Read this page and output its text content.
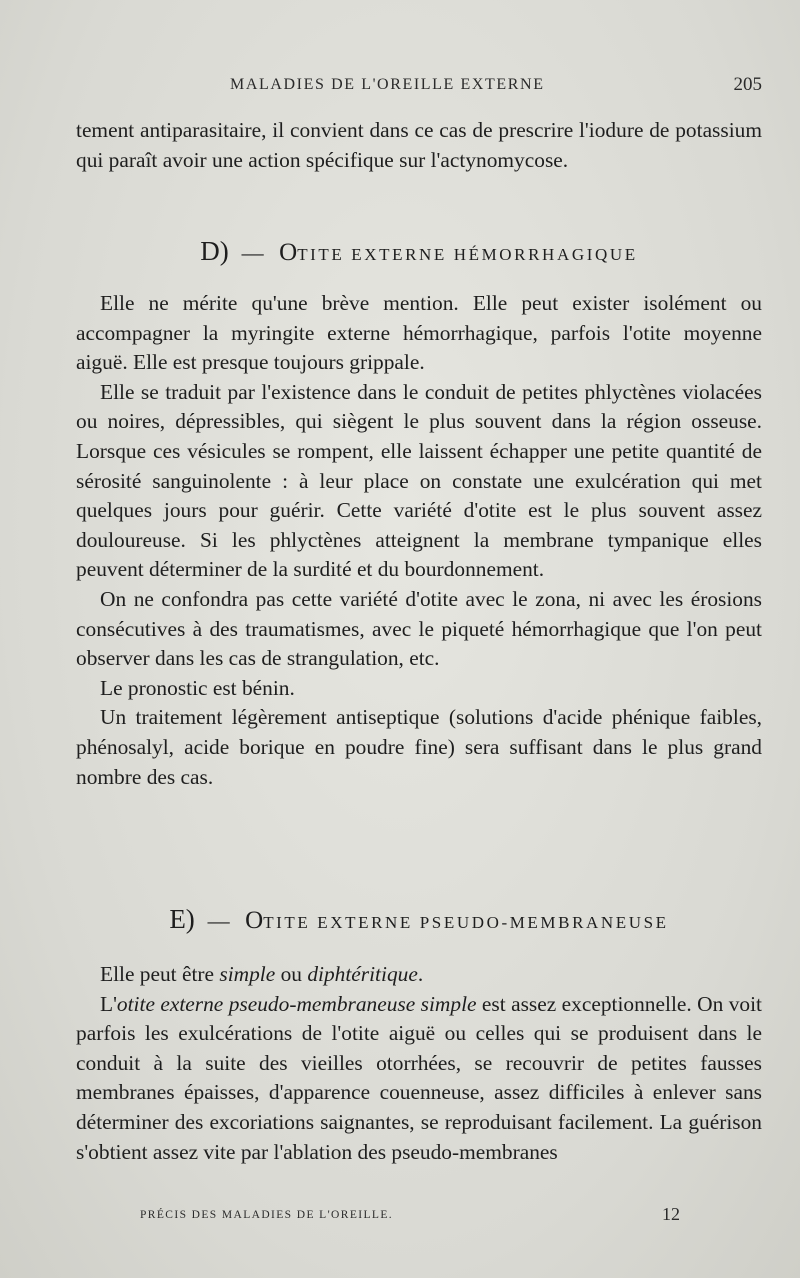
MALADIES DE L'OREILLE EXTERNE	205

tement antiparasitaire, il convient dans ce cas de prescrire l'iodure de potassium qui paraît avoir une action spécifique sur l'actynomycose.

D) — OTITE EXTERNE HÉMORRHAGIQUE

Elle ne mérite qu'une brève mention. Elle peut exister isolément ou accompagner la myringite externe hémorrhagique, parfois l'otite moyenne aiguë. Elle est presque toujours grippale.

Elle se traduit par l'existence dans le conduit de petites phlyctènes violacées ou noires, dépressibles, qui siègent le plus souvent dans la région osseuse. Lorsque ces vésicules se rompent, elle laissent échapper une petite quantité de sérosité sanguinolente : à leur place on constate une exulcération qui met quelques jours pour guérir. Cette variété d'otite est le plus souvent assez douloureuse. Si les phlyctènes atteignent la membrane tympanique elles peuvent déterminer de la surdité et du bourdonnement.

On ne confondra pas cette variété d'otite avec le zona, ni avec les érosions consécutives à des traumatismes, avec le piqueté hémorrhagique que l'on peut observer dans les cas de strangulation, etc.

Le pronostic est bénin.

Un traitement légèrement antiseptique (solutions d'acide phénique faibles, phénosalyl, acide borique en poudre fine) sera suffisant dans le plus grand nombre des cas.

E) — OTITE EXTERNE PSEUDO-MEMBRANEUSE

Elle peut être simple ou diphtéritique.

L'otite externe pseudo-membraneuse simple est assez exceptionnelle. On voit parfois les exulcérations de l'otite aiguë ou celles qui se produisent dans le conduit à la suite des vieilles otorrhées, se recouvrir de petites fausses membranes épaisses, d'apparence couenneuse, assez difficiles à enlever sans déterminer des excoriations saignantes, se reproduisant facilement. La guérison s'obtient assez vite par l'ablation des pseudo-membranes

PRÉCIS DES MALADIES DE L'OREILLE.	12
